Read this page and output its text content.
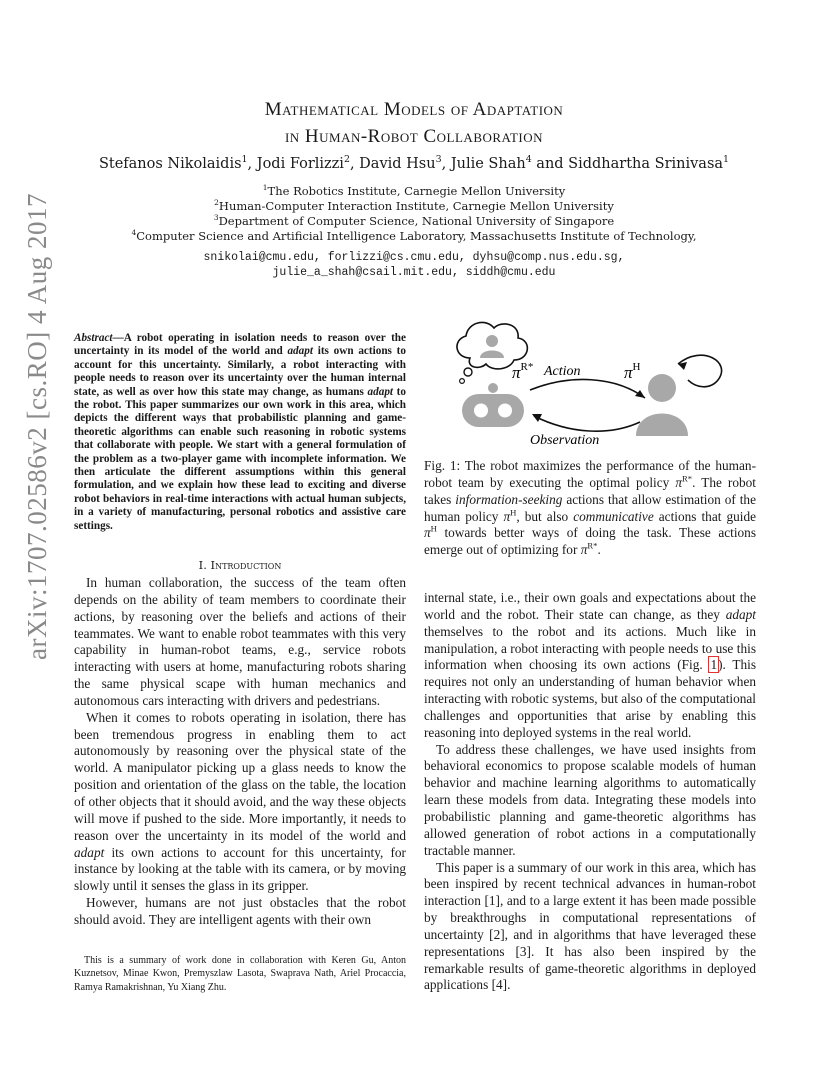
arXiv:1707.02586v2 [cs.RO] 4 Aug 2017
Mathematical Models of Adaptation
in Human-Robot Collaboration
Stefanos Nikolaidis$^1$, Jodi Forlizzi$^2$, David Hsu$^3$, Julie Shah$^4$ and Siddhartha Srinivasa$^1$
$^1$The Robotics Institute, Carnegie Mellon University
$^2$Human-Computer Interaction Institute, Carnegie Mellon University
$^3$Department of Computer Science, National University of Singapore
$^4$Computer Science and Artificial Intelligence Laboratory, Massachusetts Institute of Technology,
snikolai@cmu.edu, forlizzi@cs.cmu.edu, dyhsu@comp.nus.edu.sg,
julie_a_shah@csail.mit.edu, siddh@cmu.edu
Abstract—A robot operating in isolation needs to reason over the uncertainty in its model of the world and adapt its own actions to account for this uncertainty. Similarly, a robot interacting with people needs to reason over its uncertainty over the human internal state, as well as over how this state may change, as humans adapt to the robot. This paper summarizes our own work in this area, which depicts the different ways that probabilistic planning and game-theoretic algorithms can enable such reasoning in robotic systems that collaborate with people. We start with a general formulation of the problem as a two-player game with incomplete information. We then articulate the different assumptions within this general formulation, and we explain how these lead to exciting and diverse robot behaviors in real-time interactions with actual human subjects, in a variety of manufacturing, personal robotics and assistive care settings.
I. Introduction

In human collaboration, the success of the team often depends on the ability of team members to coordinate their actions, by reasoning over the beliefs and actions of their teammates. We want to enable robot teammates with this very capability in human-robot teams, e.g., service robots interacting with users at home, manufacturing robots sharing the same physical scape with human mechanics and autonomous cars interacting with drivers and pedestrians.

When it comes to robots operating in isolation, there has been tremendous progress in enabling them to act autonomously by reasoning over the physical state of the world. A manipulator picking up a glass needs to know the position and orientation of the glass on the table, the location of other objects that it should avoid, and the way these objects will move if pushed to the side. More importantly, it needs to reason over the uncertainty in its model of the world and adapt its own actions to account for this uncertainty, for instance by looking at the table with its camera, or by moving slowly until it senses the glass in its gripper.

However, humans are not just obstacles that the robot should avoid. They are intelligent agents with their own

This is a summary of work done in collaboration with Keren Gu, Anton Kuznetsov, Minae Kwon, Premyszlaw Lasota, Swaprava Nath, Ariel Procaccia, Ramya Ramakrishnan, Yu Xiang Zhu.
$\pi^{R*}$ Action	$\pi^H$
Observation
Fig. 1: The robot maximizes the performance of the human-robot team by executing the optimal policy $\pi^{R*}$. The robot takes information-seeking actions that allow estimation of the human policy $\pi^H$, but also communicative actions that guide $\pi^H$ towards better ways of doing the task. These actions emerge out of optimizing for $\pi^{R*}$.

internal state, i.e., their own goals and expectations about the world and the robot. Their state can change, as they adapt themselves to the robot and its actions. Much like in manipulation, a robot interacting with people needs to use this information when choosing its own actions (Fig. 1). This requires not only an understanding of human behavior when interacting with robotic systems, but also of the computational challenges and opportunities that arise by enabling this reasoning into deployed systems in the real world.

To address these challenges, we have used insights from behavioral economics to propose scalable models of human behavior and machine learning algorithms to automatically learn these models from data. Integrating these models into probabilistic planning and game-theoretic algorithms has allowed generation of robot actions in a computationally tractable manner.

This paper is a summary of our work in this area, which has been inspired by recent technical advances in human-robot interaction [1], and to a large extent it has been made possible by breakthroughs in computational representations of uncertainty [2], and in algorithms that have leveraged these representations [3]. It has also been inspired by the remarkable results of game-theoretic algorithms in deployed applications [4].
